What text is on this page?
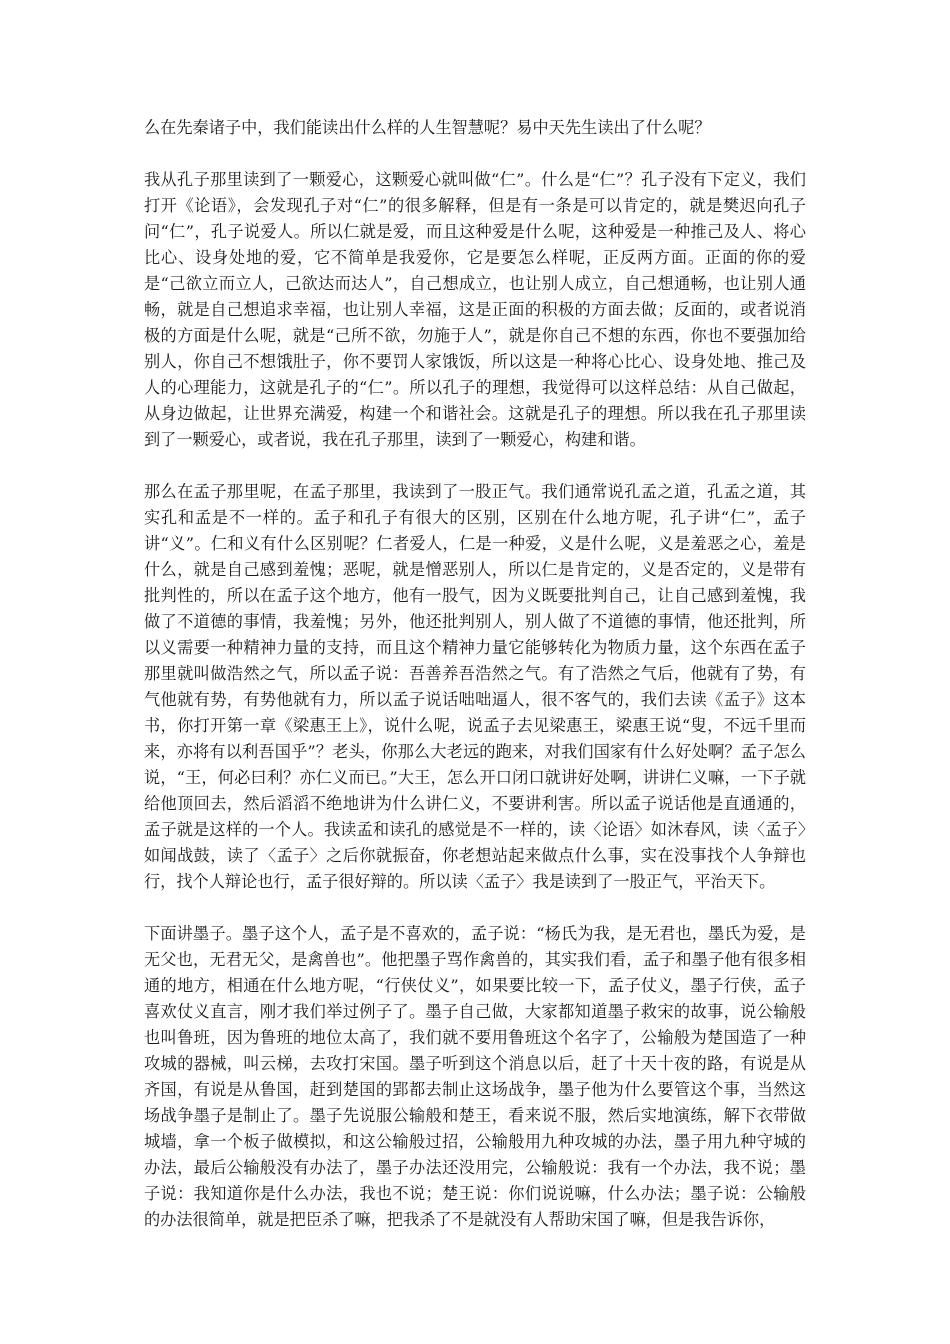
么在先秦诸子中，我们能读出什么样的人生智慧呢？易中天先生读出了什么呢？

我从孔子那里读到了一颗爱心，这颗爱心就叫做“仁”。什么是“仁”？孔子没有下定义，我们打开《论语》，会发现孔子对“仁”的很多解释，但是有一条是可以肯定的，就是樊迟向孔子问“仁”，孔子说爱人。所以仁就是爱，而且这种爱是什么呢，这种爱是一种推己及人、将心比心、设身处地的爱，它不简单是我爱你，它是要怎么样呢，正反两方面。正面的你的爱是“己欲立而立人，己欲达而达人”，自己想成立，也让别人成立，自己想通畅，也让别人通畅，就是自己想追求幸福，也让别人幸福，这是正面的积极的方面去做；反面的，或者说消极的方面是什么呢，就是“己所不欲，勿施于人”，就是你自己不想的东西，你也不要强加给别人，你自己不想饿肚子，你不要罚人家饿饭，所以这是一种将心比心、设身处地、推己及人的心理能力，这就是孔子的“仁”。所以孔子的理想，我觉得可以这样总结：从自己做起，从身边做起，让世界充满爱，构建一个和谐社会。这就是孔子的理想。所以我在孔子那里读到了一颗爱心，或者说，我在孔子那里，读到了一颗爱心，构建和谐。

那么在孟子那里呢，在孟子那里，我读到了一股正气。我们通常说孔孟之道，孔孟之道，其实孔和孟是不一样的。孟子和孔子有很大的区别，区别在什么地方呢，孔子讲“仁”，孟子讲“义”。仁和义有什么区别呢？仁者爱人，仁是一种爱，义是什么呢，义是羞恶之心，羞是什么，就是自己感到羞愧；恶呢，就是憎恶别人，所以仁是肯定的，义是否定的，义是带有批判性的，所以在孟子这个地方，他有一股气，因为义既要批判自己，让自己感到羞愧，我做了不道德的事情，我羞愧；另外，他还批判别人，别人做了不道德的事情，他还批判，所以义需要一种精神力量的支持，而且这个精神力量它能够转化为物质力量，这个东西在孟子那里就叫做浩然之气，所以孟子说：吾善养吾浩然之气。有了浩然之气后，他就有了势，有气他就有势，有势他就有力，所以孟子说话咄咄逼人，很不客气的，我们去读《孟子》这本书，你打开第一章《梁惠王上》，说什么呢，说孟子去见梁惠王，梁惠王说“叟，不远千里而来，亦将有以利吾国乎”？老头，你那么大老远的跑来，对我们国家有什么好处啊？孟子怎么说，“王，何必曰利？亦仁义而已。”大王，怎么开口闭口就讲好处啊，讲讲仁义嘛，一下子就给他顶回去，然后滔滔不绝地讲为什么讲仁义，不要讲利害。所以孟子说话他是直通通的，孟子就是这样的一个人。我读孟和读孔的感觉是不一样的，读〈论语〉如沐春风，读〈孟子〉如闻战鼓，读了〈孟子〉之后你就振奋，你老想站起来做点什么事，实在没事找个人争辩也行，找个人辩论也行，孟子很好辩的。所以读〈孟子〉我是读到了一股正气，平治天下。

下面讲墨子。墨子这个人，孟子是不喜欢的，孟子说：“杨氏为我，是无君也，墨氏为爱，是无父也，无君无父，是禽兽也”。他把墨子骂作禽兽的，其实我们看，孟子和墨子他有很多相通的地方，相通在什么地方呢，“行侠仗义”，如果要比较一下，孟子仗义，墨子行侠，孟子喜欢仗义直言，刚才我们举过例子了。墨子自己做，大家都知道墨子救宋的故事，说公输般也叫鲁班，因为鲁班的地位太高了，我们就不要用鲁班这个名字了，公输般为楚国造了一种攻城的器械，叫云梯，去攻打宋国。墨子听到这个消息以后，赶了十天十夜的路，有说是从齐国，有说是从鲁国，赶到楚国的郢都去制止这场战争，墨子他为什么要管这个事，当然这场战争墨子是制止了。墨子先说服公输般和楚王，看来说不服，然后实地演练，解下衣带做城墙，拿一个板子做模拟，和这公输般过招，公输般用九种攻城的办法，墨子用九种守城的办法，最后公输般没有办法了，墨子办法还没用完，公输般说：我有一个办法，我不说；墨子说：我知道你是什么办法，我也不说；楚王说：你们说说嘛，什么办法；墨子说：公输般的办法很简单，就是把臣杀了嘛，把我杀了不是就没有人帮助宋国了嘛，但是我告诉你，
